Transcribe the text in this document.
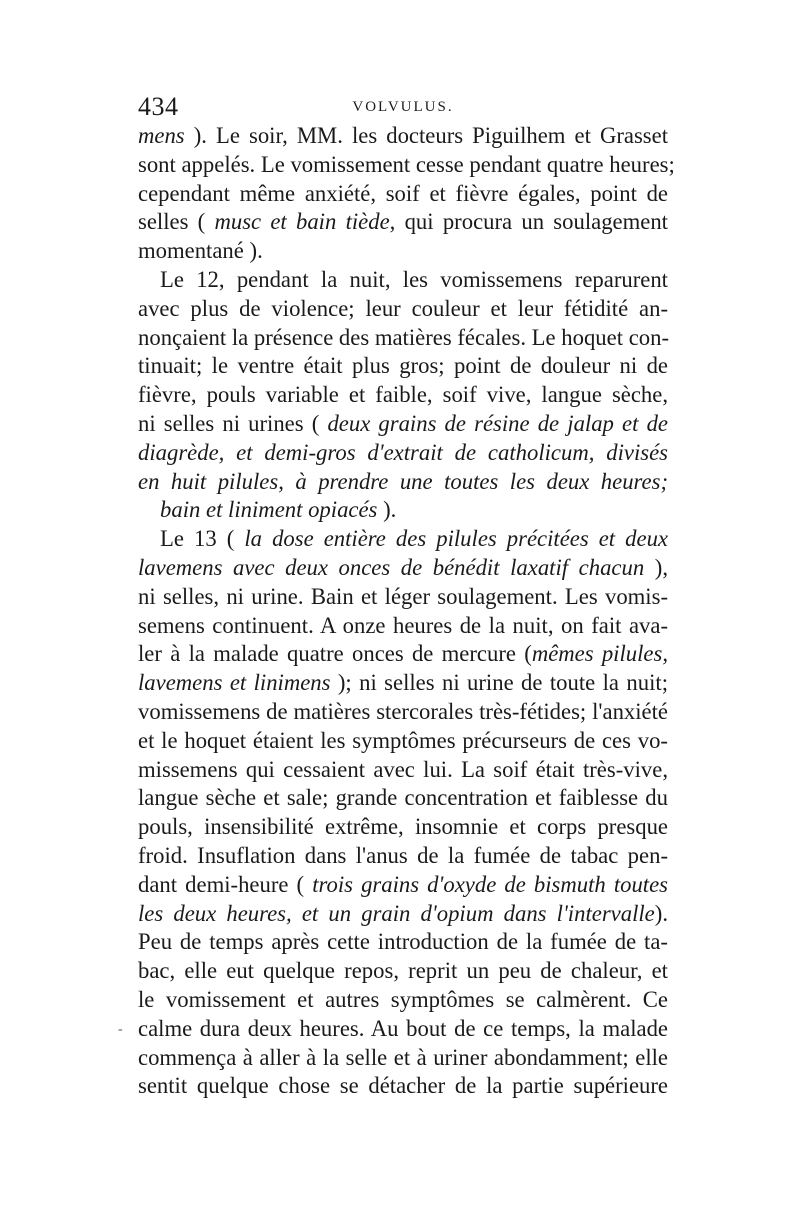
434	VOLVULUS.
mens ). Le soir, MM. les docteurs Piguilhem et Grasset
sont appelés. Le vomissement cesse pendant quatre heures;
cependant même anxiété, soif et fièvre égales, point de
selles ( musc et bain tiède, qui procura un soulagement
momentané ).
Le 12, pendant la nuit, les vomissemens reparurent
avec plus de violence; leur couleur et leur fétidité an-
nonçaient la présence des matières fécales. Le hoquet con-
tinuait; le ventre était plus gros; point de douleur ni de
fièvre, pouls variable et faible, soif vive, langue sèche,
ni selles ni urines ( deux grains de résine de jalap et de
diagrède, et demi-gros d'extrait de catholicum, divisés
en huit pilules, à prendre une toutes les deux heures;
bain et liniment opiacés ).
Le 13 ( la dose entière des pilules précitées et deux
lavemens avec deux onces de bénédit laxatif chacun ),
ni selles, ni urine. Bain et léger soulagement. Les vomis-
semens continuent. A onze heures de la nuit, on fait ava-
ler à la malade quatre onces de mercure (mêmes pilules,
lavemens et linimens ); ni selles ni urine de toute la nuit;
vomissemens de matières stercorales très-fétides; l'anxiété
et le hoquet étaient les symptômes précurseurs de ces vo-
missemens qui cessaient avec lui. La soif était très-vive,
langue sèche et sale; grande concentration et faiblesse du
pouls, insensibilité extrême, insomnie et corps presque
froid. Insuflation dans l'anus de la fumée de tabac pen-
dant demi-heure ( trois grains d'oxyde de bismuth toutes
les deux heures, et un grain d'opium dans l'intervalle).
Peu de temps après cette introduction de la fumée de ta-
bac, elle eut quelque repos, reprit un peu de chaleur, et
le vomissement et autres symptômes se calmèrent. Ce
calme dura deux heures. Au bout de ce temps, la malade
commença à aller à la selle et à uriner abondamment; elle
sentit quelque chose se détacher de la partie supérieure
-
